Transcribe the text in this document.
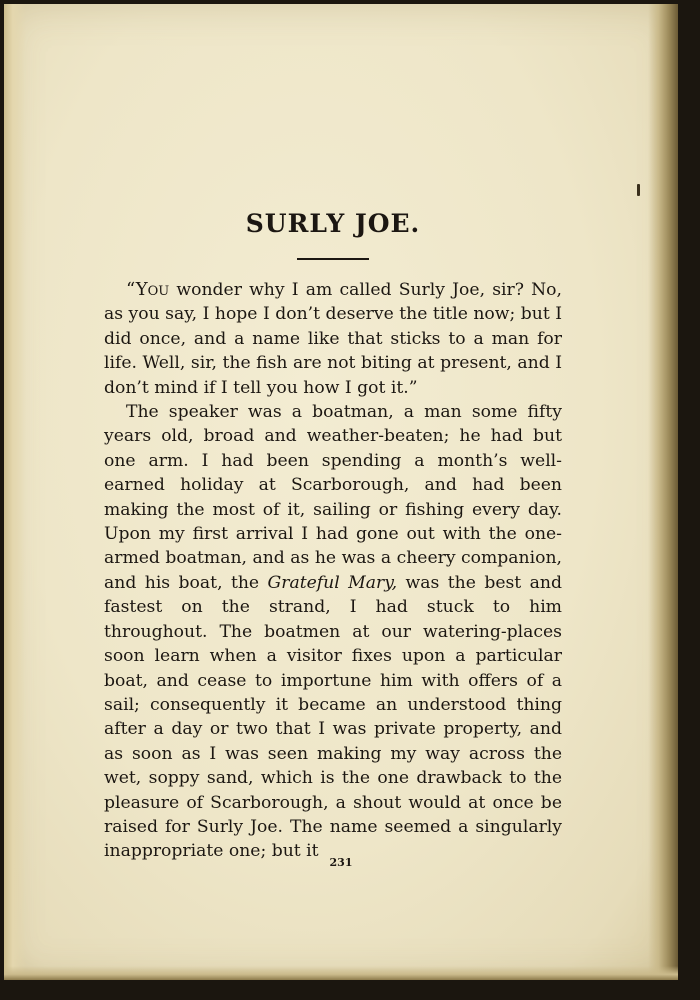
SURLY JOE.

“You wonder why I am called Surly Joe, sir? No, as you say, I hope I don’t deserve the title now; but I did once, and a name like that sticks to a man for life. Well, sir, the fish are not biting at present, and I don’t mind if I tell you how I got it.”

The speaker was a boatman, a man some fifty years old, broad and weather-beaten; he had but one arm. I had been spending a month’s well-earned holiday at Scarborough, and had been making the most of it, sailing or fishing every day. Upon my first arrival I had gone out with the one-armed boatman, and as he was a cheery companion, and his boat, the Grateful Mary, was the best and fastest on the strand, I had stuck to him throughout. The boatmen at our watering-places soon learn when a visitor fixes upon a particular boat, and cease to importune him with offers of a sail; consequently it became an understood thing after a day or two that I was private property, and as soon as I was seen making my way across the wet, soppy sand, which is the one drawback to the pleasure of Scarborough, a shout would at once be raised for Surly Joe. The name seemed a singularly inappropriate one; but it

231
